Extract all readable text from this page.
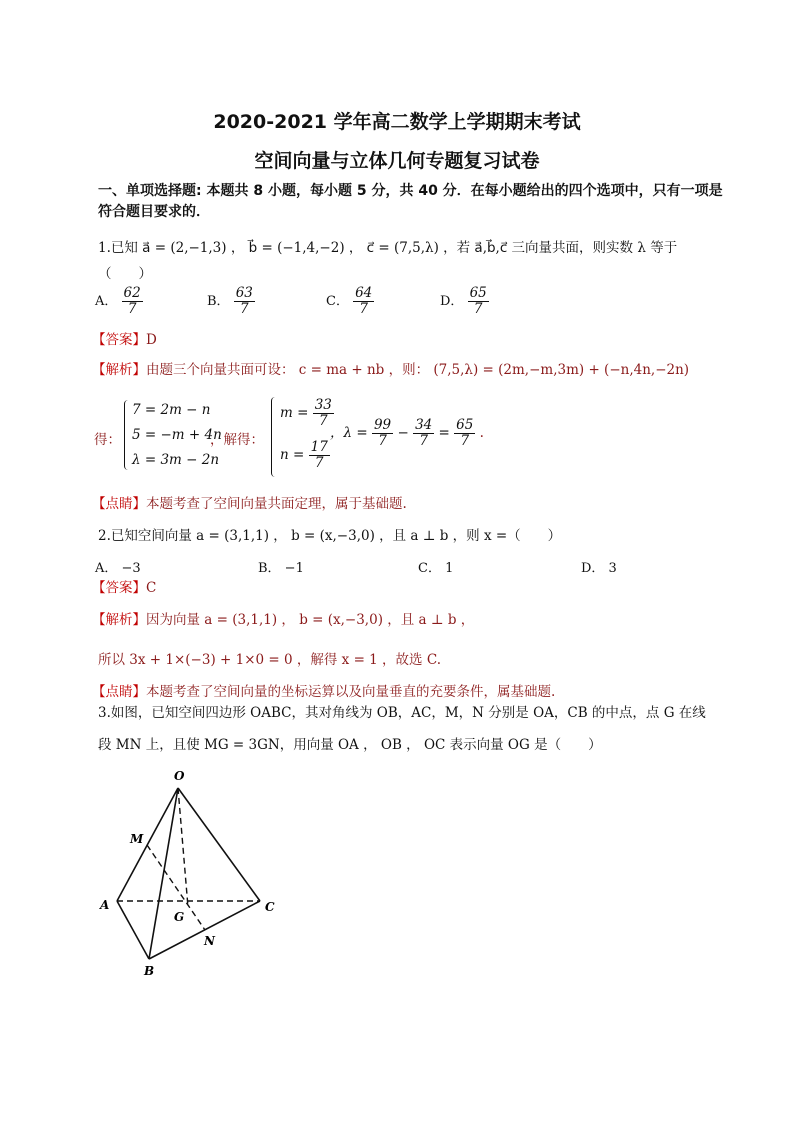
2020-2021 学年高二数学上学期期末考试
空间向量与立体几何专题复习试卷
一、单项选择题: 本题共 8 小题，每小题 5 分，共 40 分．在每小题给出的四个选项中，只有一项是
符合题目要求的．
1.已知 a⃗ = (2,−1,3) ， b⃗ = (−1,4,−2) ， c⃗ = (7,5,λ) ，若 a⃗,b⃗,c⃗ 三向量共面，则实数 λ 等于
（　　）
A． $\frac{62}{7}$	B． $\frac{63}{7}$	C． $\frac{64}{7}$	D． $\frac{65}{7}$
【答案】D
【解析】由题三个向量共面可设： c = ma + nb ，则： (7,5,λ) = (2m,−m,3m) + (−n,4n,−2n)
得：
7 = 2m − n
5 = −m + 4n
λ = 3m − 2n
，解得：
$m = \frac{33}{7}$
$n = \frac{17}{7}$
，$\lambda = \frac{99}{7} - \frac{34}{7} = \frac{65}{7}$ .
【点睛】本题考查了空间向量共面定理，属于基础题.
2.已知空间向量 a = (3,1,1) ， b = (x,−3,0) ，且 a ⊥ b ，则 x =（　　）
A． −3	B． −1	C． 1	D． 3
【答案】C
【解析】因为向量 a = (3,1,1) ， b = (x,−3,0) ，且 a ⊥ b ，
所以 3x + 1×(−3) + 1×0 = 0 ，解得 x = 1 ，故选 C.
【点睛】本题考查了空间向量的坐标运算以及向量垂直的充要条件，属基础题.
3.如图，已知空间四边形 OABC，其对角线为 OB，AC，M，N 分别是 OA，CB 的中点，点 G 在线
段 MN 上，且使 MG = 3GN，用向量 OA ， OB ， OC 表示向量 OG 是（　　）
O
A
B
C
M
N
G
